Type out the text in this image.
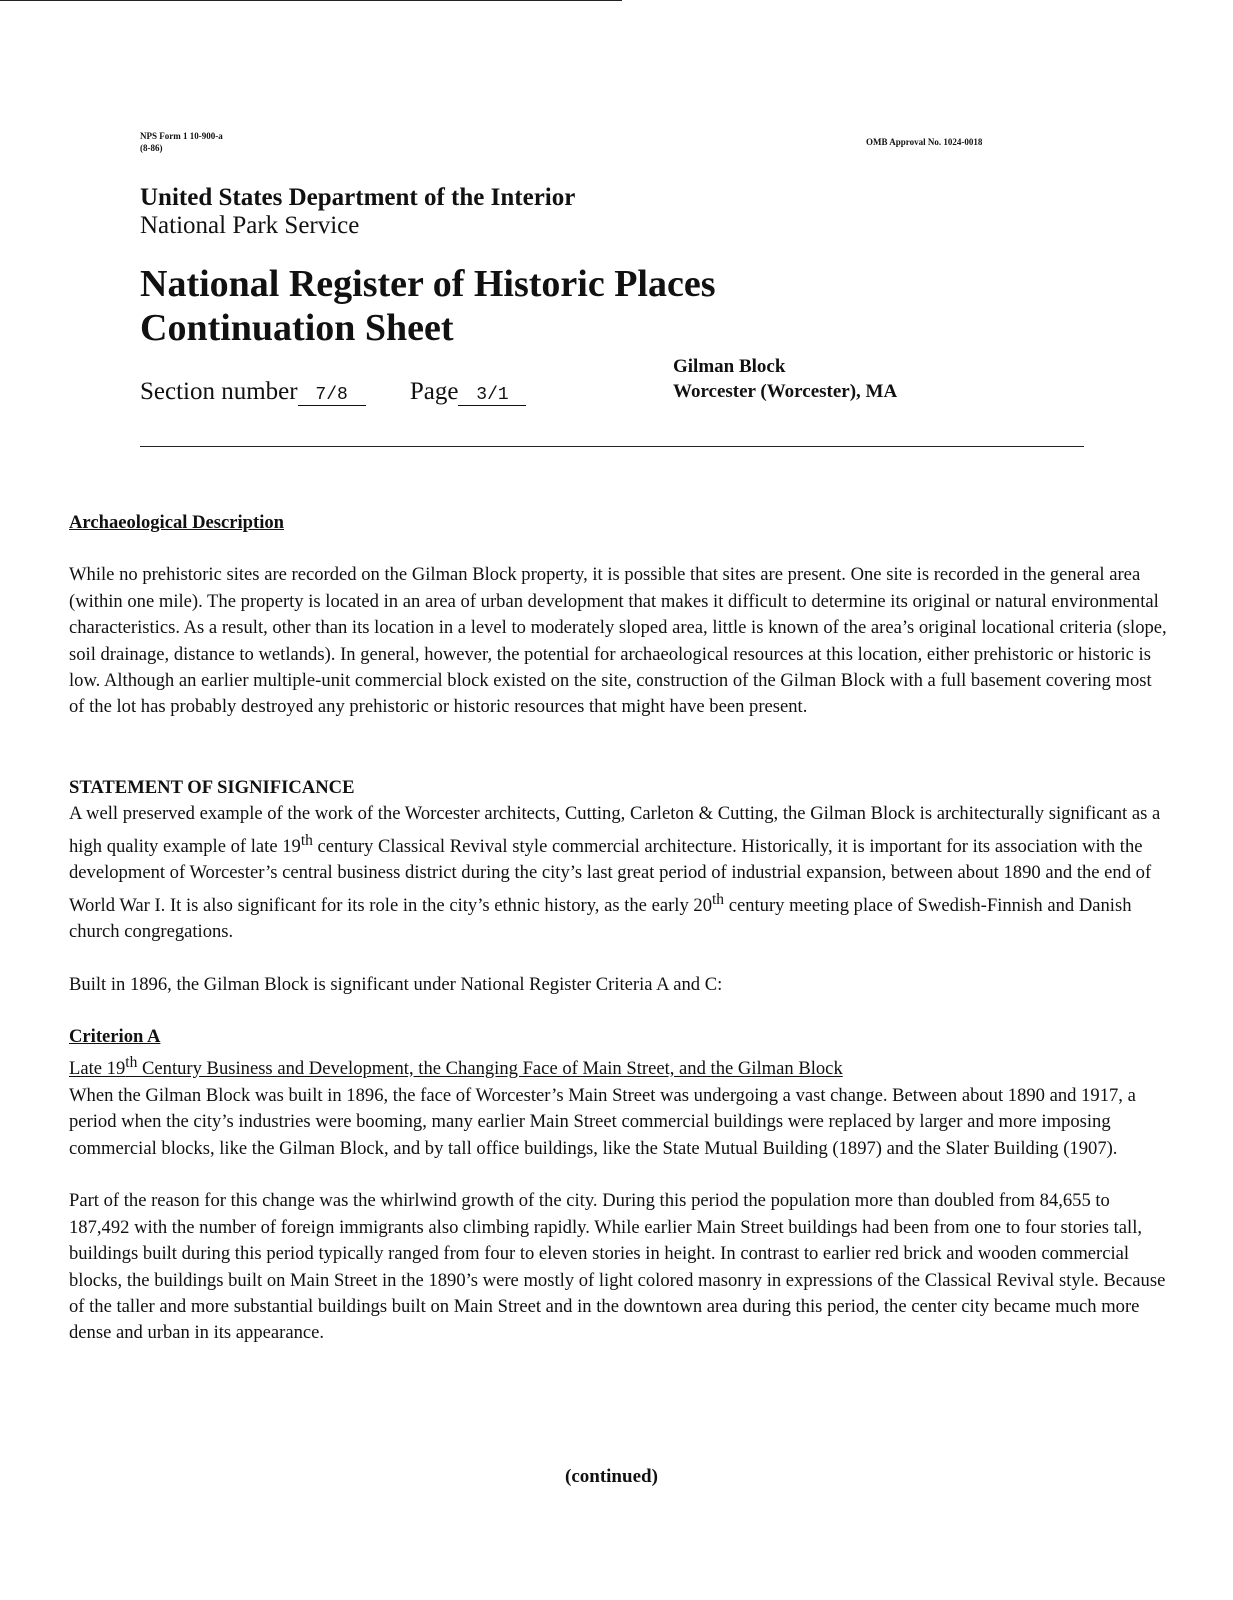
NPS Form 1 10-900-a
(8-86)
OMB Approval No. 1024-0018
United States Department of the Interior
National Park Service
National Register of Historic Places
Continuation Sheet
Section number 7/8 Page 3/1
Gilman Block
Worcester (Worcester), MA

Archaeological Description

While no prehistoric sites are recorded on the Gilman Block property, it is possible that sites are present. One site is recorded in the general area (within one mile). The property is located in an area of urban development that makes it difficult to determine its original or natural environmental characteristics. As a result, other than its location in a level to moderately sloped area, little is known of the area’s original locational criteria (slope, soil drainage, distance to wetlands). In general, however, the potential for archaeological resources at this location, either prehistoric or historic is low. Although an earlier multiple-unit commercial block existed on the site, construction of the Gilman Block with a full basement covering most of the lot has probably destroyed any prehistoric or historic resources that might have been present.

STATEMENT OF SIGNIFICANCE

A well preserved example of the work of the Worcester architects, Cutting, Carleton & Cutting, the Gilman Block is architecturally significant as a high quality example of late 19th century Classical Revival style commercial architecture. Historically, it is important for its association with the development of Worcester’s central business district during the city’s last great period of industrial expansion, between about 1890 and the end of World War I. It is also significant for its role in the city’s ethnic history, as the early 20th century meeting place of Swedish-Finnish and Danish church congregations.

Built in 1896, the Gilman Block is significant under National Register Criteria A and C:

Criterion A

Late 19th Century Business and Development, the Changing Face of Main Street, and the Gilman Block

When the Gilman Block was built in 1896, the face of Worcester’s Main Street was undergoing a vast change. Between about 1890 and 1917, a period when the city’s industries were booming, many earlier Main Street commercial buildings were replaced by larger and more imposing commercial blocks, like the Gilman Block, and by tall office buildings, like the State Mutual Building (1897) and the Slater Building (1907).

Part of the reason for this change was the whirlwind growth of the city. During this period the population more than doubled from 84,655 to 187,492 with the number of foreign immigrants also climbing rapidly. While earlier Main Street buildings had been from one to four stories tall, buildings built during this period typically ranged from four to eleven stories in height. In contrast to earlier red brick and wooden commercial blocks, the buildings built on Main Street in the 1890’s were mostly of light colored masonry in expressions of the Classical Revival style. Because of the taller and more substantial buildings built on Main Street and in the downtown area during this period, the center city became much more dense and urban in its appearance.

(continued)
